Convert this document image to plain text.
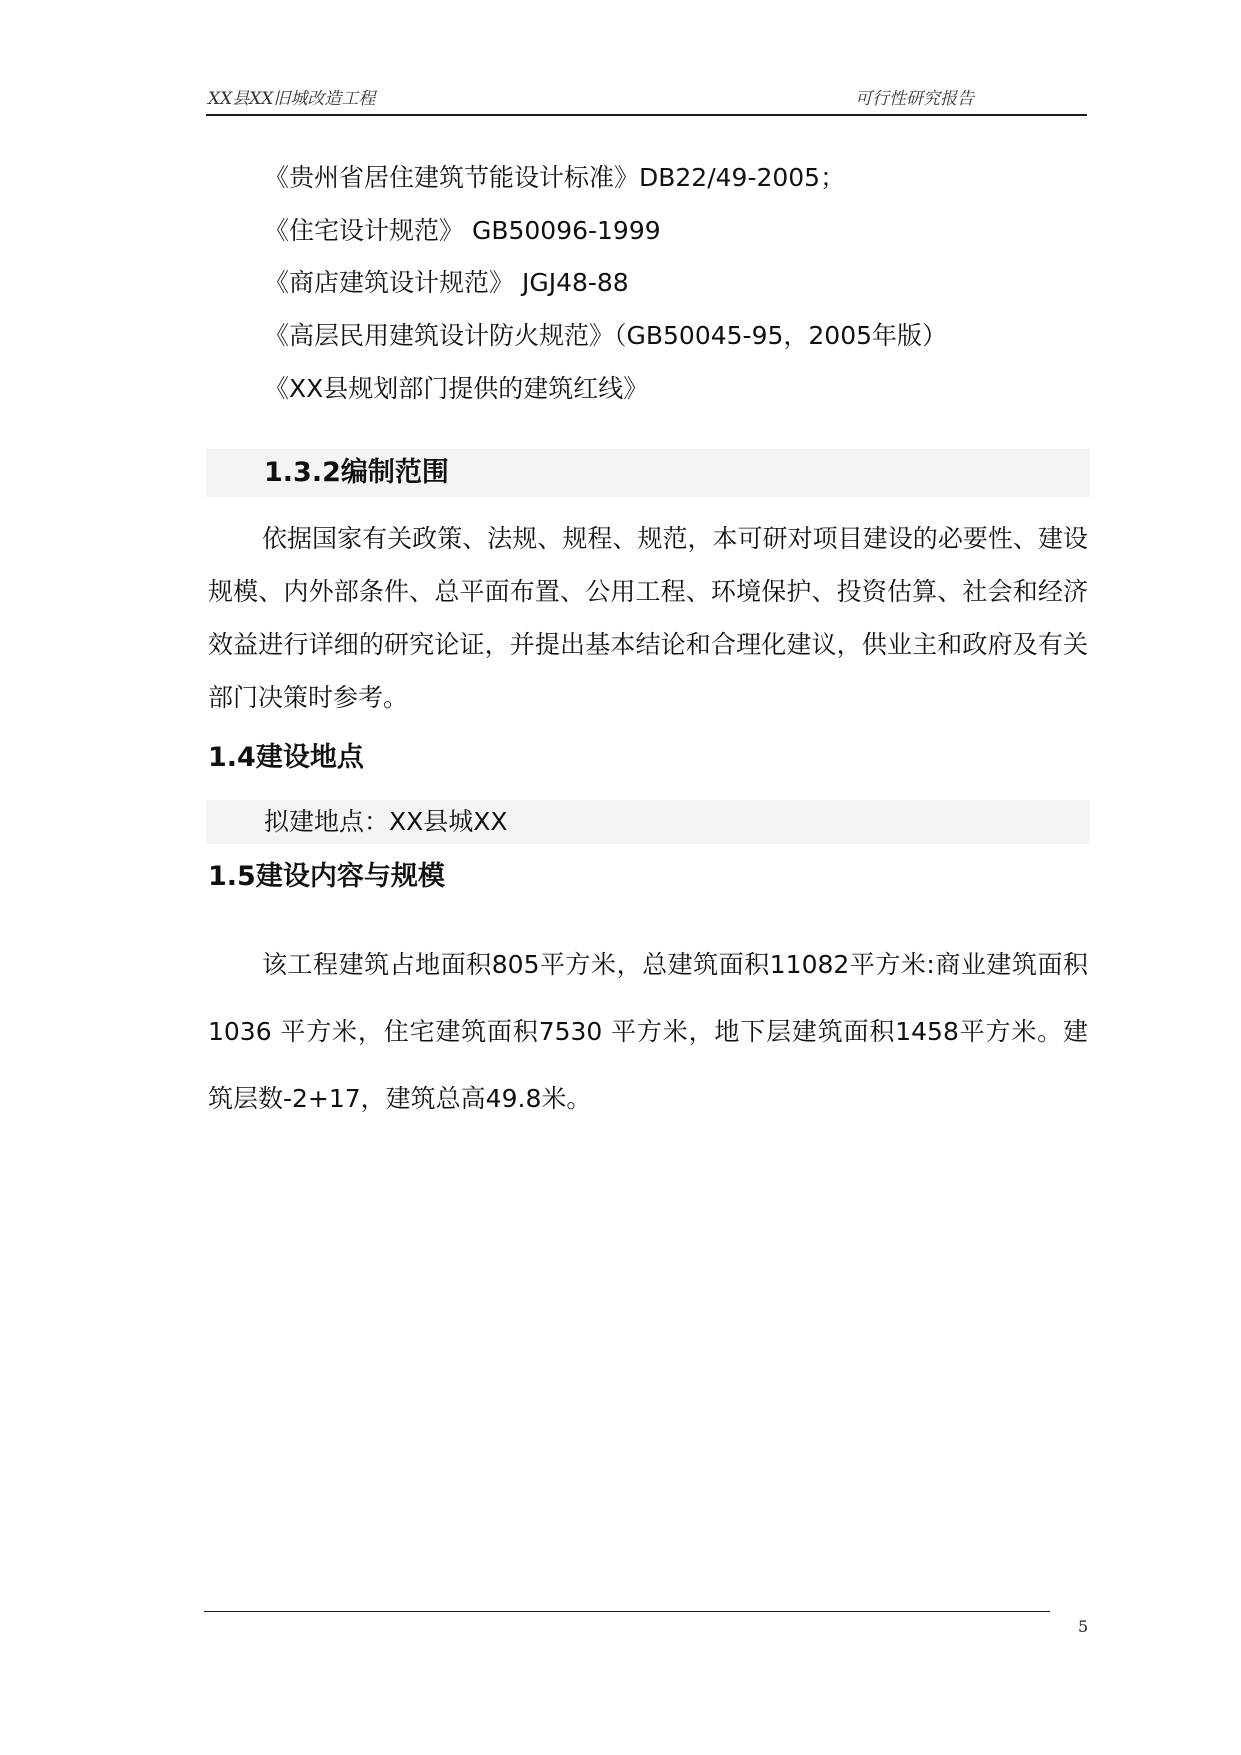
XX县XX旧城改造工程	可行性研究报告
《贵州省居住建筑节能设计标准》DB22/49-2005；
《住宅设计规范》 GB50096-1999
《商店建筑设计规范》 JGJ48-88
《高层民用建筑设计防火规范》（GB50045-95，2005年版）
《XX县规划部门提供的建筑红线》
1.3.2编制范围

依据国家有关政策、法规、规程、规范，本可研对项目建设的必要性、建设规模、内外部条件、总平面布置、公用工程、环境保护、投资估算、社会和经济效益进行详细的研究论证，并提出基本结论和合理化建议，供业主和政府及有关部门决策时参考。

1.4建设地点
拟建地点：XX县城XX
1.5建设内容与规模

该工程建筑占地面积805平方米，总建筑面积11082平方米:商业建筑面积1036 平方米，住宅建筑面积7530 平方米，地下层建筑面积1458平方米。建筑层数-2+17，建筑总高49.8米。

5
